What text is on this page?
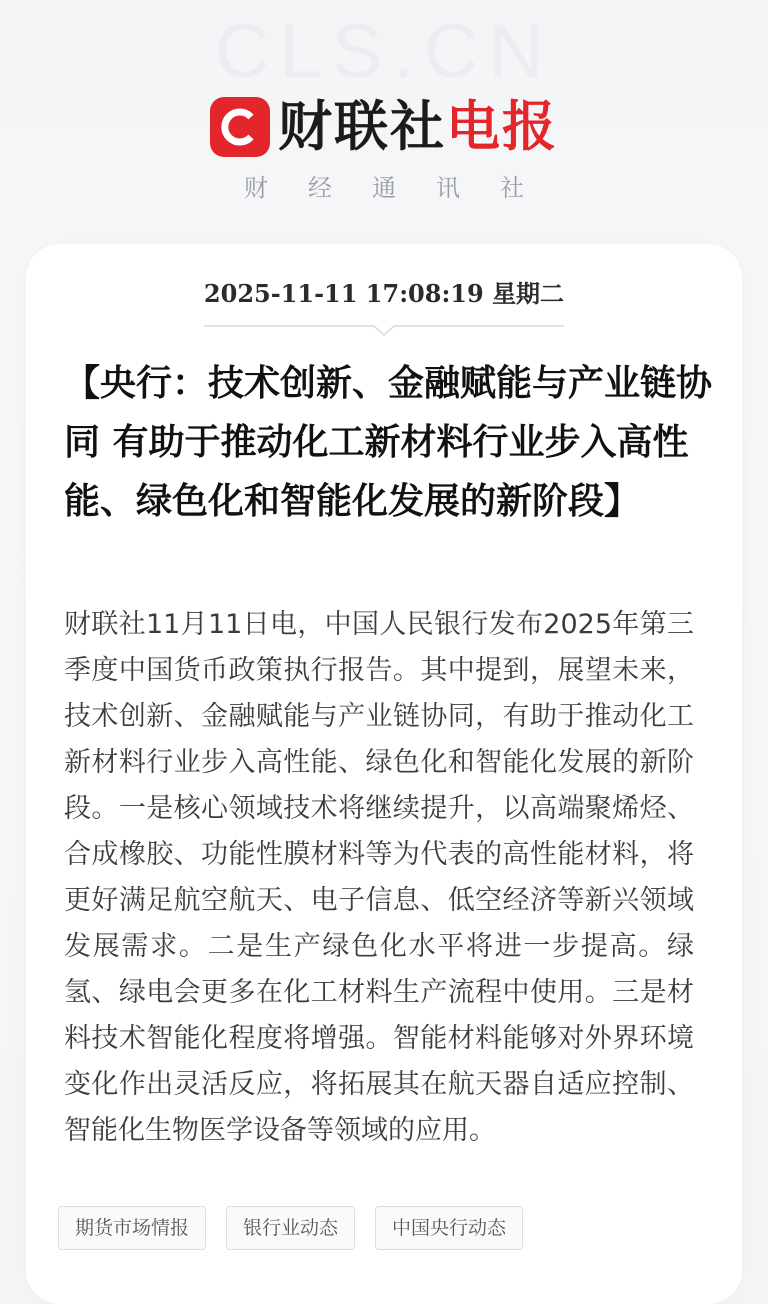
CLS.CN
财联社 电报
财经通讯社
2025-11-11 17:08:19 星期二
【央行：技术创新、金融赋能与产业链协同 有助于推动化工新材料行业步入高性能、绿色化和智能化发展的新阶段】

财联社11月11日电，中国人民银行发布2025年第三季度中国货币政策执行报告。其中提到，展望未来，技术创新、金融赋能与产业链协同，有助于推动化工新材料行业步入高性能、绿色化和智能化发展的新阶段。一是核心领域技术将继续提升，以高端聚烯烃、合成橡胶、功能性膜材料等为代表的高性能材料，将更好满足航空航天、电子信息、低空经济等新兴领域发展需求。二是生产绿色化水平将进一步提高。绿氢、绿电会更多在化工材料生产流程中使用。三是材料技术智能化程度将增强。智能材料能够对外界环境变化作出灵活反应，将拓展其在航天器自适应控制、智能化生物医学设备等领域的应用。

期货市场情报	银行业动态	中国央行动态
